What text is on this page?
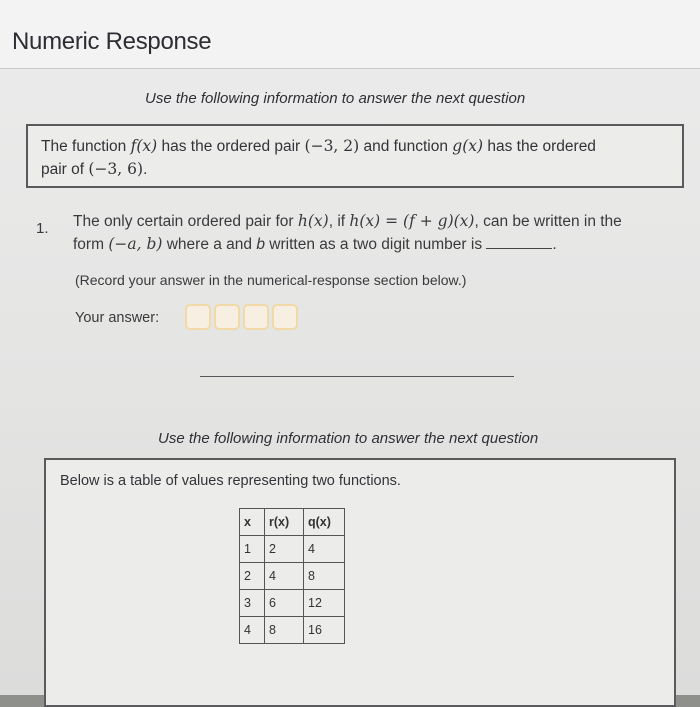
Numeric Response
Use the following information to answer the next question
The function f(x) has the ordered pair (−3, 2) and function g(x) has the ordered
pair of (−3, 6).
1. The only certain ordered pair for h(x), if h(x) = (f + g)(x), can be written in the
form (−a, b) where a and b written as a two digit number is	.
(Record your answer in the numerical-response section below.)
Your answer:
Use the following information to answer the next question
Below is a table of values representing two functions.
x	r(x)	q(x)
1	2	4
2	4	8
3	6	12
4	8	16
